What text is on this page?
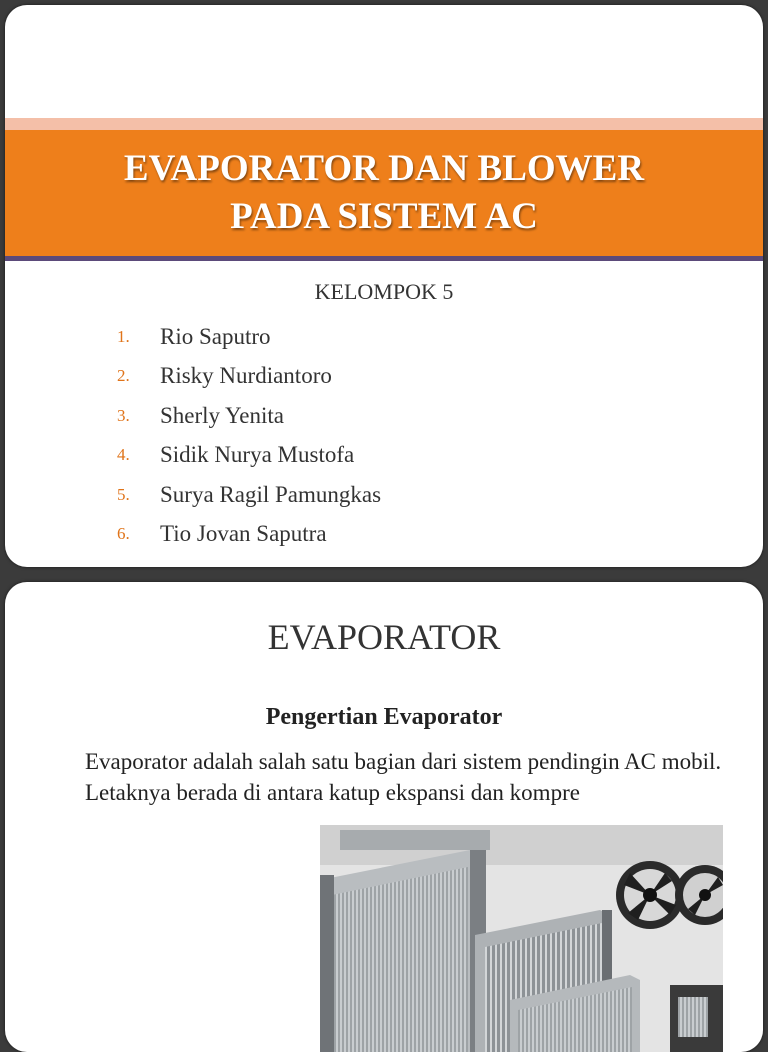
EVAPORATOR DAN BLOWER
PADA SISTEM AC
KELOMPOK 5
1.	Rio Saputro
2.	Risky Nurdiantoro
3.	Sherly Yenita
4.	Sidik Nurya Mustofa
5.	Surya Ragil Pamungkas
6.	Tio Jovan Saputra
EVAPORATOR
Pengertian Evaporator

Evaporator adalah salah satu bagian dari sistem pendingin AC mobil. Letaknya berada di antara katup ekspansi dan kompre
